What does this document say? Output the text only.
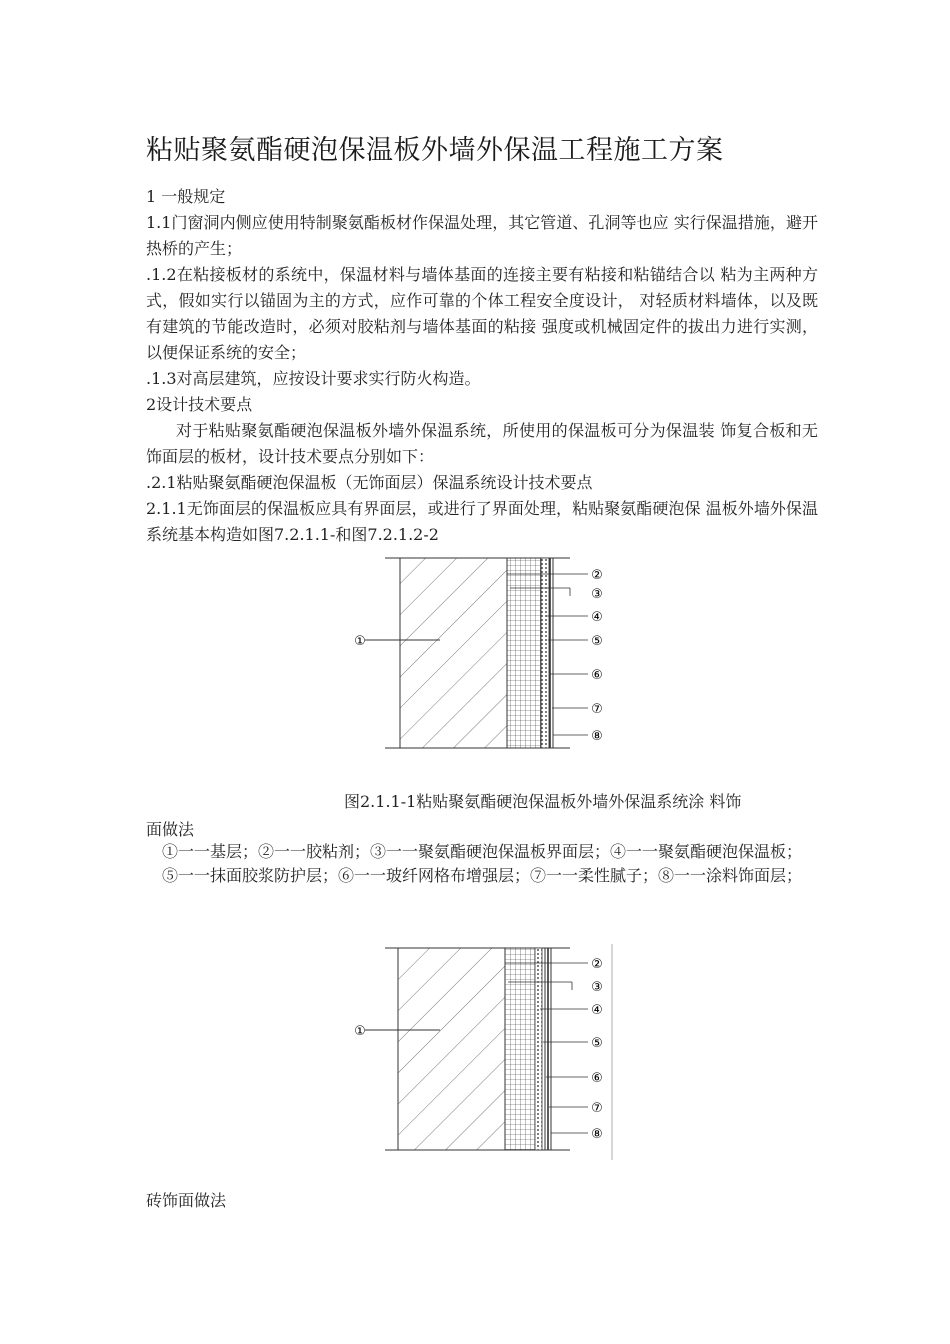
粘贴聚氨酯硬泡保温板外墙外保温工程施工方案

1 一般规定

1.1门窗洞内侧应使用特制聚氨酯板材作保温处理，其它管道、孔洞等也应 实行保温措施，避开热桥的产生；

.1.2在粘接板材的系统中，保温材料与墙体基面的连接主要有粘接和粘锚结合以 粘为主两种方式，假如实行以锚固为主的方式，应作可靠的个体工程安全度设计， 对轻质材料墙体，以及既有建筑的节能改造时，必须对胶粘剂与墙体基面的粘接 强度或机械固定件的拔出力进行实测，以便保证系统的安全；

.1.3对高层建筑，应按设计要求实行防火构造。

2设计技术要点

对于粘贴聚氨酯硬泡保温板外墙外保温系统，所使用的保温板可分为保温装 饰复合板和无饰面层的板材，设计技术要点分别如下：

.2.1粘贴聚氨酯硬泡保温板（无饰面层）保温系统设计技术要点

2.1.1无饰面层的保温板应具有界面层，或进行了界面处理，粘贴聚氨酯硬泡保 温板外墙外保温系统基本构造如图7.2.1.1-和图7.2.1.2-2

①
②
③
④
⑤
⑥
⑦
⑧
图2.1.1-1粘贴聚氨酯硬泡保温板外墙外保温系统涂 料饰
面做法

①一一基层；②一一胶粘剂；③一一聚氨酯硬泡保温板界面层；④一一聚氨酯硬泡保温板；

⑤一一抹面胶浆防护层；⑥一一玻纤网格布增强层；⑦一一柔性腻子；⑧一一涂料饰面层；

①
②
③
④
⑤
⑥
⑦
⑧
砖饰面做法
